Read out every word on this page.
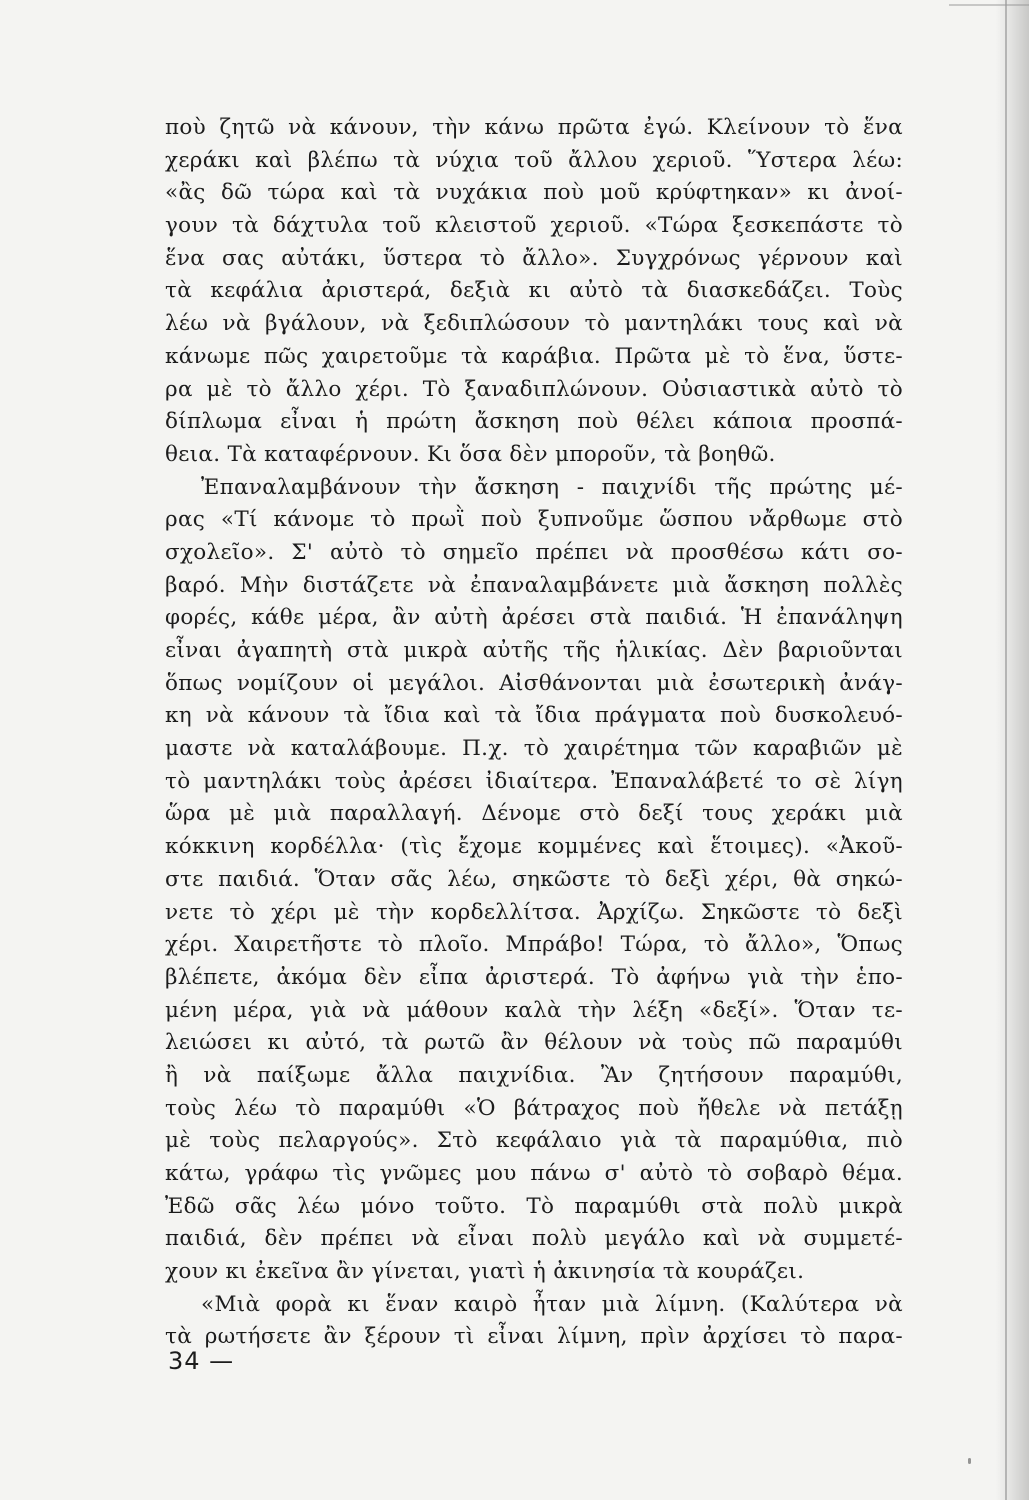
ποὺ ζητῶ νὰ κάνουν, τὴν κάνω πρῶτα ἐγώ. Κλείνουν τὸ ἕνα
χεράκι καὶ βλέπω τὰ νύχια τοῦ ἄλλου χεριοῦ. Ὕστερα λέω:
«ἂς δῶ τώρα καὶ τὰ νυχάκια ποὺ μοῦ κρύφτηκαν» κι ἀνοί-
γουν τὰ δάχτυλα τοῦ κλειστοῦ χεριοῦ. «Τώρα ξεσκεπάστε τὸ
ἕνα σας αὐτάκι, ὕστερα τὸ ἄλλο». Συγχρόνως γέρνουν καὶ
τὰ κεφάλια ἀριστερά, δεξιὰ κι αὐτὸ τὰ διασκεδάζει. Τοὺς
λέω νὰ βγάλουν, νὰ ξεδιπλώσουν τὸ μαντηλάκι τους καὶ νὰ
κάνωμε πῶς χαιρετοῦμε τὰ καράβια. Πρῶτα μὲ τὸ ἕνα, ὕστε-
ρα μὲ τὸ ἄλλο χέρι. Τὸ ξαναδιπλώνουν. Οὐσιαστικὰ αὐτὸ τὸ
δίπλωμα εἶναι ἡ πρώτη ἄσκηση ποὺ θέλει κάποια προσπά-
θεια. Τὰ καταφέρνουν. Κι ὅσα δὲν μποροῦν, τὰ βοηθῶ.
Ἐπαναλαμβάνουν τὴν ἄσκηση - παιχνίδι τῆς πρώτης μέ-
ρας «Τί κάνομε τὸ πρωῒ ποὺ ξυπνοῦμε ὥσπου νἄρθωμε στὸ
σχολεῖο». Σ' αὐτὸ τὸ σημεῖο πρέπει νὰ προσθέσω κάτι σο-
βαρό. Μὴν διστάζετε νὰ ἐπαναλαμβάνετε μιὰ ἄσκηση πολλὲς
φορές, κάθε μέρα, ἂν αὐτὴ ἀρέσει στὰ παιδιά. Ἡ ἐπανάληψη
εἶναι ἀγαπητὴ στὰ μικρὰ αὐτῆς τῆς ἡλικίας. Δὲν βαριοῦνται
ὅπως νομίζουν οἱ μεγάλοι. Αἰσθάνονται μιὰ ἐσωτερικὴ ἀνάγ-
κη νὰ κάνουν τὰ ἴδια καὶ τὰ ἴδια πράγματα ποὺ δυσκολευό-
μαστε νὰ καταλάβουμε. Π.χ. τὸ χαιρέτημα τῶν καραβιῶν μὲ
τὸ μαντηλάκι τοὺς ἀρέσει ἰδιαίτερα. Ἐπαναλάβετέ το σὲ λίγη
ὥρα μὲ μιὰ παραλλαγή. Δένομε στὸ δεξί τους χεράκι μιὰ
κόκκινη κορδέλλα· (τὶς ἔχομε κομμένες καὶ ἕτοιμες). «Ἀκοῦ-
στε παιδιά. Ὅταν σᾶς λέω, σηκῶστε τὸ δεξὶ χέρι, θὰ σηκώ-
νετε τὸ χέρι μὲ τὴν κορδελλίτσα. Ἀρχίζω. Σηκῶστε τὸ δεξὶ
χέρι. Χαιρετῆστε τὸ πλοῖο. Μπράβο! Τώρα, τὸ ἄλλο», Ὅπως
βλέπετε, ἀκόμα δὲν εἶπα ἀριστερά. Τὸ ἀφήνω γιὰ τὴν ἑπο-
μένη μέρα, γιὰ νὰ μάθουν καλὰ τὴν λέξη «δεξί». Ὅταν τε-
λειώσει κι αὐτό, τὰ ρωτῶ ἂν θέλουν νὰ τοὺς πῶ παραμύθι
ἢ νὰ παίξωμε ἄλλα παιχνίδια. Ἂν ζητήσουν παραμύθι,
τοὺς λέω τὸ παραμύθι «Ὁ βάτραχος ποὺ ἤθελε νὰ πετάξῃ
μὲ τοὺς πελαργούς». Στὸ κεφάλαιο γιὰ τὰ παραμύθια, πιὸ
κάτω, γράφω τὶς γνῶμες μου πάνω σ' αὐτὸ τὸ σοβαρὸ θέμα.
Ἐδῶ σᾶς λέω μόνο τοῦτο. Τὸ παραμύθι στὰ πολὺ μικρὰ
παιδιά, δὲν πρέπει νὰ εἶναι πολὺ μεγάλο καὶ νὰ συμμετέ-
χουν κι ἐκεῖνα ἂν γίνεται, γιατὶ ἡ ἀκινησία τὰ κουράζει.
«Μιὰ φορὰ κι ἕναν καιρὸ ἦταν μιὰ λίμνη. (Καλύτερα νὰ
τὰ ρωτήσετε ἂν ξέρουν τὶ εἶναι λίμνη, πρὶν ἀρχίσει τὸ παρα-
34 —
